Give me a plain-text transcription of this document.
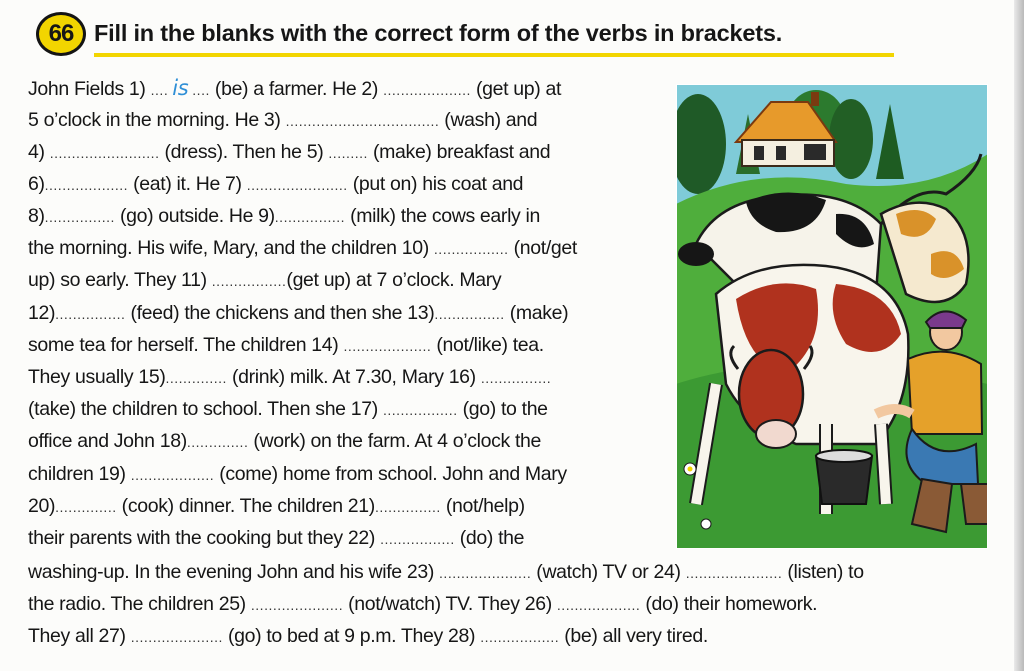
66 Fill in the blanks with the correct form of the verbs in brackets.
John Fields 1) .... is .... (be) a farmer. He 2) .................... (get up) at
5 o’clock in the morning. He 3) ................................... (wash) and
4) ......................... (dress). Then he 5) ......... (make) breakfast and
6)................... (eat) it. He 7) ....................... (put on) his coat and
8)................ (go) outside. He 9)................ (milk) the cows early in
the morning. His wife, Mary, and the children 10) ................. (not/get
up) so early. They 11) .................(get up) at 7 o’clock. Mary
12)................ (feed) the chickens and then she 13)................ (make)
some tea for herself. The children 14) .................... (not/like) tea.
They usually 15).............. (drink) milk. At 7.30, Mary 16) ................
(take) the children to school. Then she 17) ................. (go) to the
office and John 18).............. (work) on the farm. At 4 o’clock the
children 19) ................... (come) home from school. John and Mary
20).............. (cook) dinner. The children 21)............... (not/help)
their parents with the cooking but they 22) ................. (do) the
washing-up. In the evening John and his wife 23) ..................... (watch) TV or 24) ...................... (listen) to
the radio. The children 25) ..................... (not/watch) TV. They 26) ................... (do) their homework.
They all 27) ..................... (go) to bed at 9 p.m. They 28) .................. (be) all very tired.
